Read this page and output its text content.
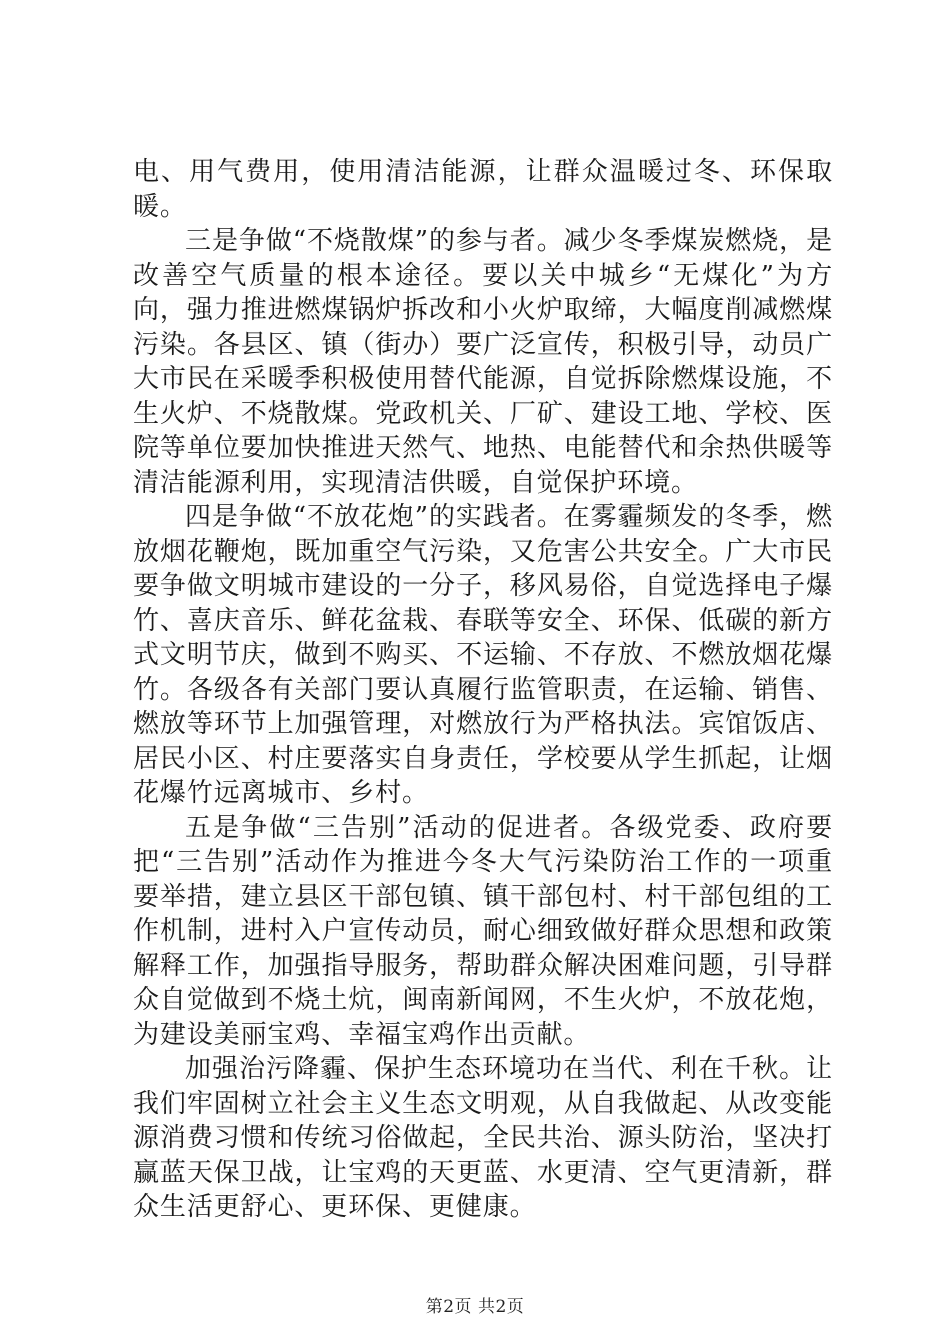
电、用气费用，使用清洁能源，让群众温暖过冬、环保取暖。

三是争做“不烧散煤”的参与者。减少冬季煤炭燃烧，是改善空气质量的根本途径。要以关中城乡“无煤化”为方向，强力推进燃煤锅炉拆改和小火炉取缔，大幅度削减燃煤污染。各县区、镇（街办）要广泛宣传，积极引导，动员广大市民在采暖季积极使用替代能源，自觉拆除燃煤设施，不生火炉、不烧散煤。党政机关、厂矿、建设工地、学校、医院等单位要加快推进天然气、地热、电能替代和余热供暖等清洁能源利用，实现清洁供暖，自觉保护环境。

四是争做“不放花炮”的实践者。在雾霾频发的冬季，燃放烟花鞭炮，既加重空气污染，又危害公共安全。广大市民要争做文明城市建设的一分子，移风易俗，自觉选择电子爆竹、喜庆音乐、鲜花盆栽、春联等安全、环保、低碳的新方式文明节庆，做到不购买、不运输、不存放、不燃放烟花爆竹。各级各有关部门要认真履行监管职责，在运输、销售、燃放等环节上加强管理，对燃放行为严格执法。宾馆饭店、居民小区、村庄要落实自身责任，学校要从学生抓起，让烟花爆竹远离城市、乡村。

五是争做“三告别”活动的促进者。各级党委、政府要把“三告别”活动作为推进今冬大气污染防治工作的一项重要举措，建立县区干部包镇、镇干部包村、村干部包组的工作机制，进村入户宣传动员，耐心细致做好群众思想和政策解释工作，加强指导服务，帮助群众解决困难问题，引导群众自觉做到不烧土炕，闽南新闻网，不生火炉，不放花炮，为建设美丽宝鸡、幸福宝鸡作出贡献。

加强治污降霾、保护生态环境功在当代、利在千秋。让我们牢固树立社会主义生态文明观，从自我做起、从改变能源消费习惯和传统习俗做起，全民共治、源头防治，坚决打赢蓝天保卫战，让宝鸡的天更蓝、水更清、空气更清新，群众生活更舒心、更环保、更健康。

第2页 共2页
